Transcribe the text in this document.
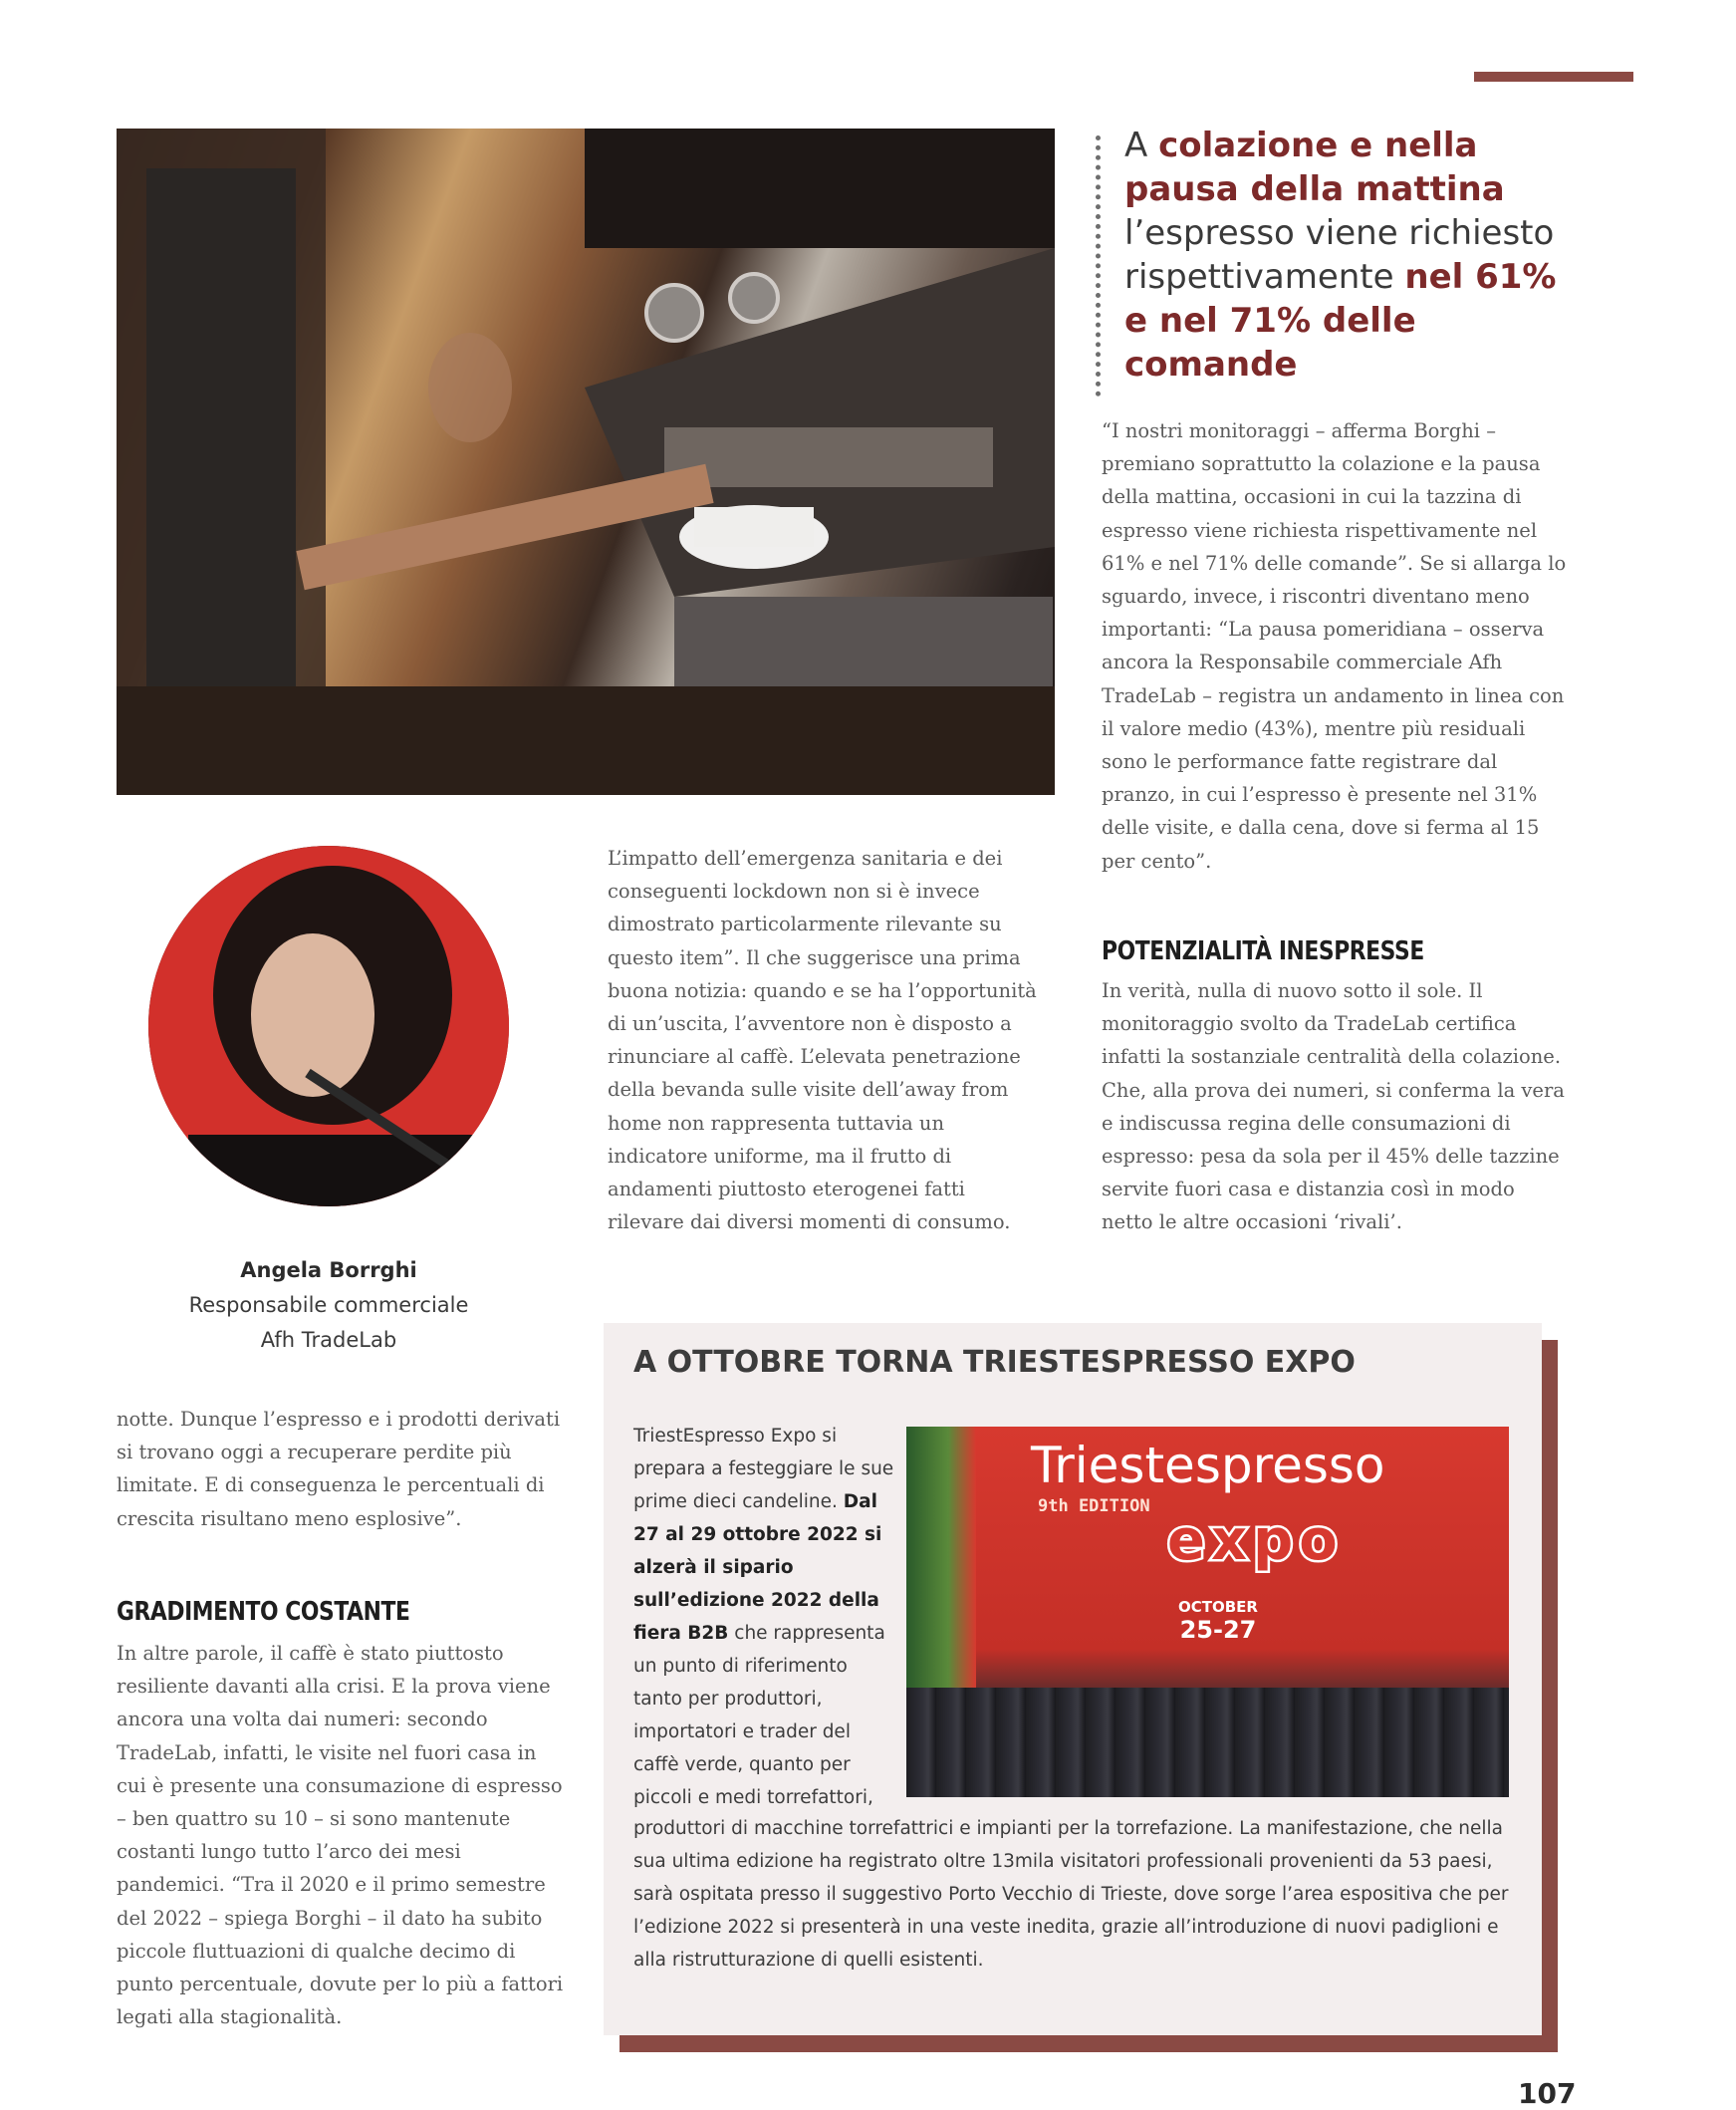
A colazione e nella pausa della mattina l’espresso viene richiesto rispettivamente nel 61% e nel 71% delle comande
“I nostri monitoraggi – afferma Borghi – premiano soprattutto la colazione e la pausa della mattina, occasioni in cui la tazzina di espresso viene richiesta rispettivamente nel 61% e nel 71% delle comande”. Se si allarga lo sguardo, invece, i riscontri diventano meno importanti: “La pausa pomeridiana – osserva ancora la Responsabile commerciale Afh TradeLab – registra un andamento in linea con il valore medio (43%), mentre più residuali sono le performance fatte registrare dal pranzo, in cui l’espresso è presente nel 31% delle visite, e dalla cena, dove si ferma al 15 per cento”.
POTENZIALITÀ INESPRESSE
In verità, nulla di nuovo sotto il sole. Il monitoraggio svolto da TradeLab certifica infatti la sostanziale centralità della colazione. Che, alla prova dei numeri, si conferma la vera e indiscussa regina delle consumazioni di espresso: pesa da sola per il 45% delle tazzine servite fuori casa e distanzia così in modo netto le altre occasioni ‘rivali’.
L’impatto dell’emergenza sanitaria e dei conseguenti lockdown non si è invece dimostrato particolarmente rilevante su questo item”. Il che suggerisce una prima buona notizia: quando e se ha l’opportunità di un’uscita, l’avventore non è disposto a rinunciare al caffè. L’elevata penetrazione della bevanda sulle visite dell’away from home non rappresenta tuttavia un indicatore uniforme, ma il frutto di andamenti piuttosto eterogenei fatti rilevare dai diversi momenti di consumo.
Angela Borrghi
Responsabile commerciale
Afh TradeLab
notte. Dunque l’espresso e i prodotti derivati si trovano oggi a recuperare perdite più limitate. E di conseguenza le percentuali di crescita risultano meno esplosive”.
GRADIMENTO COSTANTE
In altre parole, il caffè è stato piuttosto resiliente davanti alla crisi. E la prova viene ancora una volta dai numeri: secondo TradeLab, infatti, le visite nel fuori casa in cui è presente una consumazione di espresso – ben quattro su 10 – si sono mantenute costanti lungo tutto l’arco dei mesi pandemici. “Tra il 2020 e il primo semestre del 2022 – spiega Borghi – il dato ha subito piccole fluttuazioni di qualche decimo di punto percentuale, dovute per lo più a fattori legati alla stagionalità.
A OTTOBRE TORNA TRIESTESPRESSO EXPO
TriestEspresso Expo si prepara a festeggiare le sue prime dieci candeline. Dal 27 al 29 ottobre 2022 si alzerà il sipario sull’edizione 2022 della fiera B2B che rappresenta un punto di riferimento tanto per produttori, importatori e trader del caffè verde, quanto per piccoli e medi torrefattori,
Triestespresso
9th EDITION
expo
OCTOBER
25-27
produttori di macchine torrefattrici e impianti per la torrefazione. La manifestazione, che nella sua ultima edizione ha registrato oltre 13mila visitatori professionali provenienti da 53 paesi, sarà ospitata presso il suggestivo Porto Vecchio di Trieste, dove sorge l’area espositiva che per l’edizione 2022 si presenterà in una veste inedita, grazie all’introduzione di nuovi padiglioni e alla ristrutturazione di quelli esistenti.
107
